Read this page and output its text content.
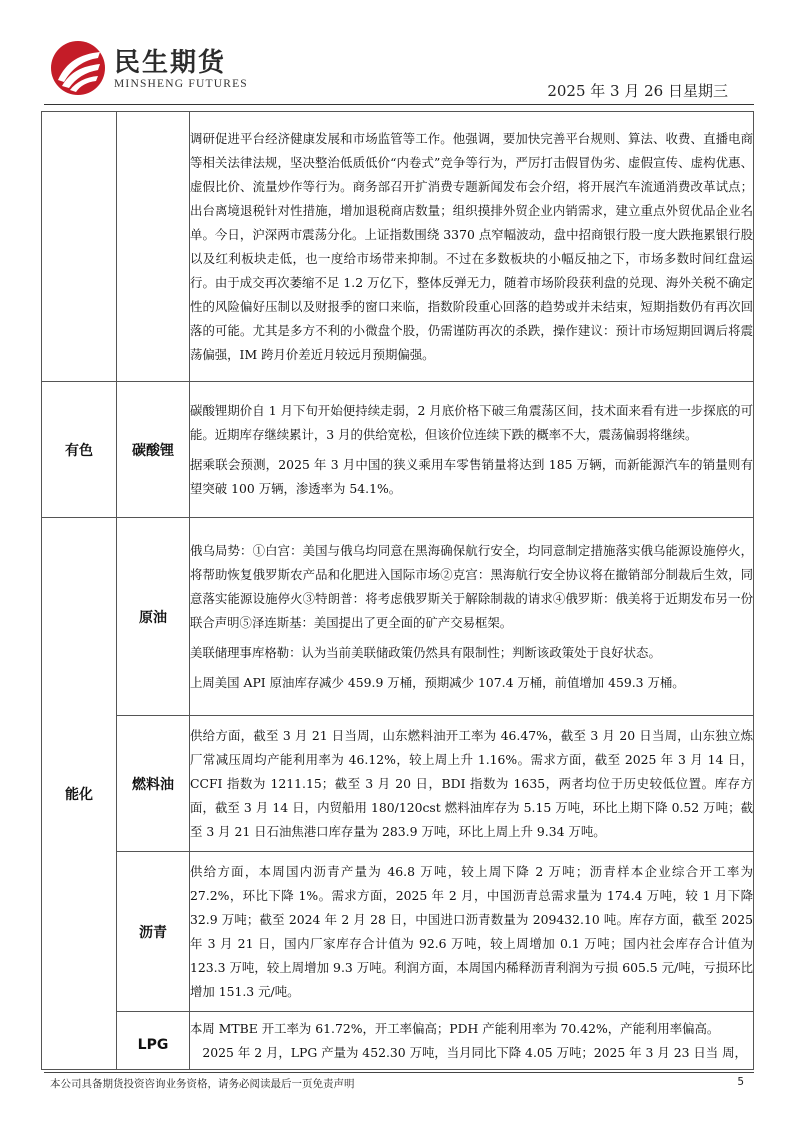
民生期货
MINSHENG FUTURES	2025 年 3 月 26 日星期三

		调研促进平台经济健康发展和市场监管等工作。他强调，要加快完善平台规则、算法、收费、直播电商等相关法律法规，坚决整治低质低价“内卷式”竞争等行为，严厉打击假冒伪劣、虚假宣传、虚构优惠、虚假比价、流量炒作等行为。商务部召开扩消费专题新闻发布会介绍，将开展汽车流通消费改革试点；出台离境退税针对性措施，增加退税商店数量；组织摸排外贸企业内销需求，建立重点外贸优品企业名单。今日，沪深两市震荡分化。上证指数围绕 3370 点窄幅波动，盘中招商银行股一度大跌拖累银行股以及红利板块走低，也一度给市场带来抑制。不过在多数板块的小幅反抽之下，市场多数时间红盘运行。由于成交再次萎缩不足 1.2 万亿下，整体反弹无力，随着市场阶段获利盘的兑现、海外关税不确定性的风险偏好压制以及财报季的窗口来临，指数阶段重心回落的趋势或并未结束，短期指数仍有再次回落的可能。尤其是多方不利的小微盘个股，仍需谨防再次的杀跌，操作建议：预计市场短期回调后将震荡偏强，IM 跨月价差近月较远月预期偏强。

有色	碳酸锂	碳酸锂期价自 1 月下旬开始便持续走弱，2 月底价格下破三角震荡区间，技术面来看有进一步探底的可能。近期库存继续累计，3 月的供给宽松，但该价位连续下跌的概率不大，震荡偏弱将继续。

据乘联会预测，2025 年 3 月中国的狭义乘用车零售销量将达到 185 万辆，而新能源汽车的销量则有望突破 100 万辆，渗透率为 54.1%。

能化	原油	俄乌局势：①白宫：美国与俄乌均同意在黑海确保航行安全，均同意制定措施落实俄乌能源设施停火，将帮助恢复俄罗斯农产品和化肥进入国际市场②克宫：黑海航行安全协议将在撤销部分制裁后生效，同意落实能源设施停火③特朗普：将考虑俄罗斯关于解除制裁的请求④俄罗斯：俄美将于近期发布另一份联合声明⑤泽连斯基：美国提出了更全面的矿产交易框架。

美联储理事库格勒：认为当前美联储政策仍然具有限制性；判断该政策处于良好状态。

上周美国 API 原油库存减少 459.9 万桶，预期减少 107.4 万桶，前值增加 459.3 万桶。

	燃料油	供给方面，截至 3 月 21 日当周，山东燃料油开工率为 46.47%，截至 3 月 20 日当周，山东独立炼厂常减压周均产能利用率为 46.12%，较上周上升 1.16%。需求方面，截至 2025 年 3 月 14 日，CCFI 指数为 1211.15；截至 3 月 20 日，BDI 指数为 1635，两者均位于历史较低位置。库存方面，截至 3 月 14 日，内贸船用 180/120cst 燃料油库存为 5.15 万吨，环比上期下降 0.52 万吨；截至 3 月 21 日石油焦港口库存量为 283.9 万吨，环比上周上升 9.34 万吨。

	沥青	供给方面，本周国内沥青产量为 46.8 万吨，较上周下降 2 万吨；沥青样本企业综合开工率为 27.2%，环比下降 1%。需求方面，2025 年 2 月，中国沥青总需求量为 174.4 万吨，较 1 月下降 32.9 万吨；截至 2024 年 2 月 28 日，中国进口沥青数量为 209432.10 吨。库存方面，截至 2025 年 3 月 21 日，国内厂家库存合计值为 92.6 万吨，较上周增加 0.1 万吨；国内社会库存合计值为 123.3 万吨，较上周增加 9.3 万吨。利润方面，本周国内稀释沥青利润为亏损 605.5 元/吨，亏损环比增加 151.3 元/吨。

	LPG	本周 MTBE 开工率为 61.72%，开工率偏高；PDH 产能利用率为 70.42%，产能利用率偏高。

2025 年 2 月，LPG 产量为 452.30 万吨，当月同比下降 4.05 万吨；2025 年 3 月 23 日当 周，

本公司具备期货投资咨询业务资格，请务必阅读最后一页免责声明	5
